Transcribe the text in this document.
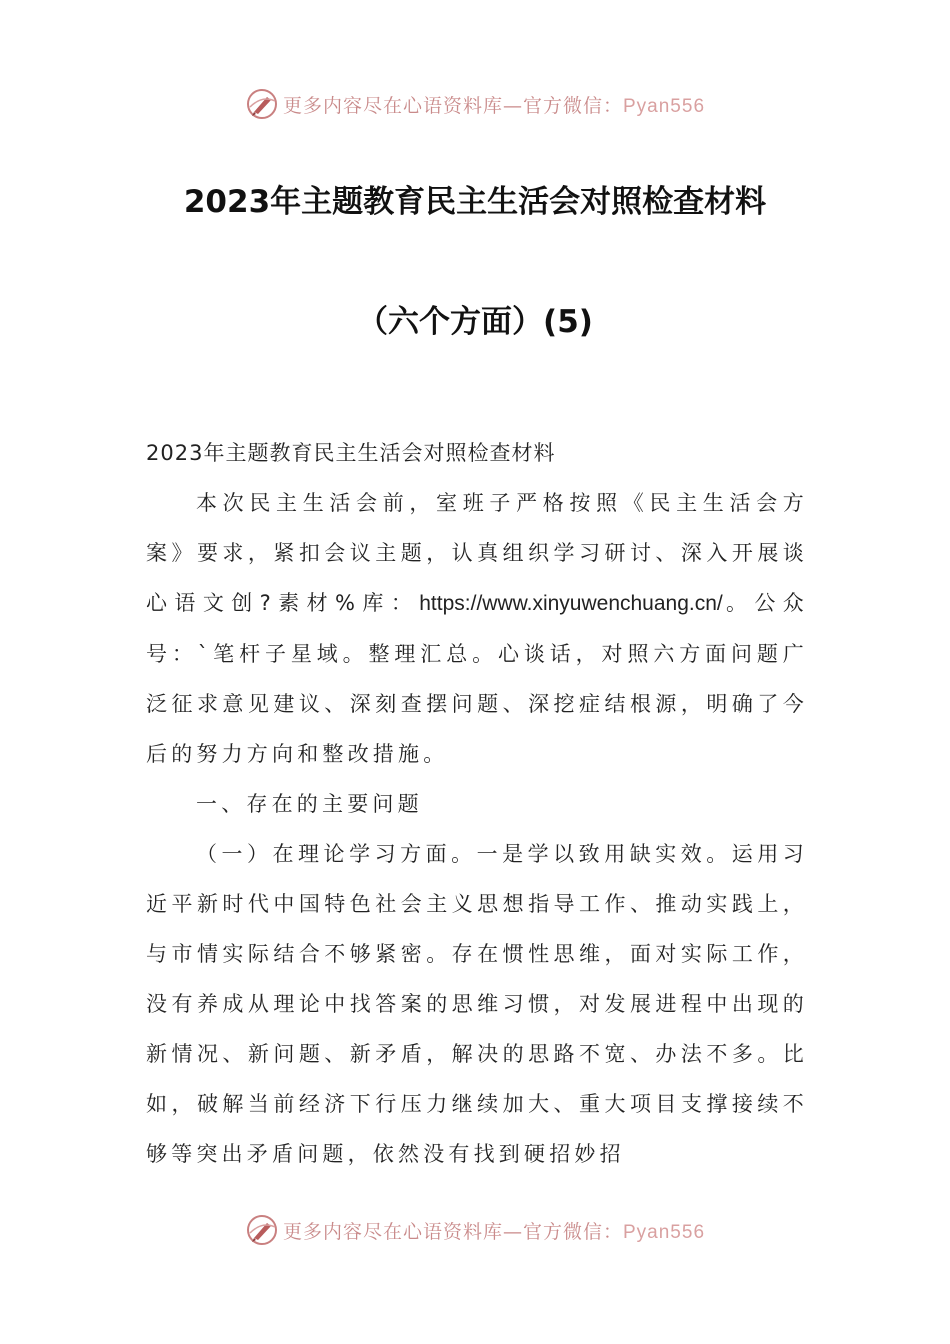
更多内容尽在心语资料库—官方微信：Pyan556
2023年主题教育民主生活会对照检查材料
（六个方面）(5)

2023年主题教育民主生活会对照检查材料

本次民主生活会前，室班子严格按照《民主生活会方案》要求，紧扣会议主题，认真组织学习研讨、深入开展谈心语文创?素材%库：https://www.xinyuwenchuang.cn/。公众号：`笔杆子星域。整理汇总。心谈话，对照六方面问题广泛征求意见建议、深刻查摆问题、深挖症结根源，明确了今后的努力方向和整改措施。

一、存在的主要问题

（一）在理论学习方面。一是学以致用缺实效。运用习近平新时代中国特色社会主义思想指导工作、推动实践上，与市情实际结合不够紧密。存在惯性思维，面对实际工作，没有养成从理论中找答案的思维习惯，对发展进程中出现的新情况、新问题、新矛盾，解决的思路不宽、办法不多。比如，破解当前经济下行压力继续加大、重大项目支撑接续不够等突出矛盾问题，依然没有找到硬招妙招

更多内容尽在心语资料库—官方微信：Pyan556
